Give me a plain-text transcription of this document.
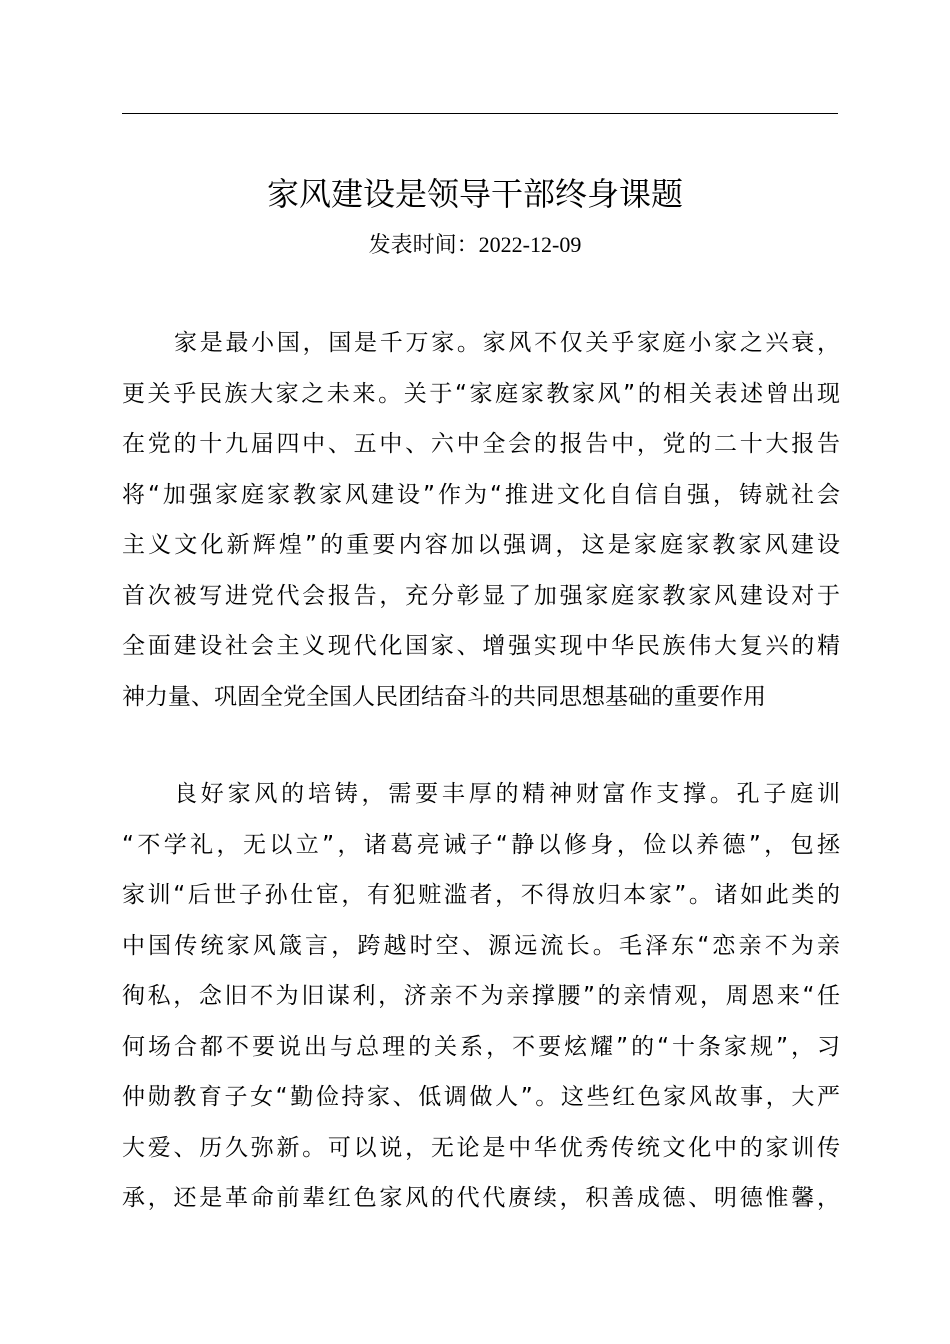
家风建设是领导干部终身课题
发表时间：2022-12-09
家是最小国，国是千万家。家风不仅关乎家庭小家之兴衰，
更关乎民族大家之未来。关于“家庭家教家风”的相关表述曾出现
在党的十九届四中、五中、六中全会的报告中，党的二十大报告
将“加强家庭家教家风建设”作为“推进文化自信自强，铸就社会
主义文化新辉煌”的重要内容加以强调，这是家庭家教家风建设
首次被写进党代会报告，充分彰显了加强家庭家教家风建设对于
全面建设社会主义现代化国家、增强实现中华民族伟大复兴的精
神力量、巩固全党全国人民团结奋斗的共同思想基础的重要作用
良好家风的培铸，需要丰厚的精神财富作支撑。孔子庭训
“不学礼，无以立”，诸葛亮诫子“静以修身，俭以养德”，包拯
家训“后世子孙仕宦，有犯赃滥者，不得放归本家”。诸如此类的
中国传统家风箴言，跨越时空、源远流长。毛泽东“恋亲不为亲
徇私，念旧不为旧谋利，济亲不为亲撑腰”的亲情观，周恩来“任
何场合都不要说出与总理的关系，不要炫耀”的“十条家规”，习
仲勋教育子女“勤俭持家、低调做人”。这些红色家风故事，大严
大爱、历久弥新。可以说，无论是中华优秀传统文化中的家训传
承，还是革命前辈红色家风的代代赓续，积善成德、明德惟馨，
